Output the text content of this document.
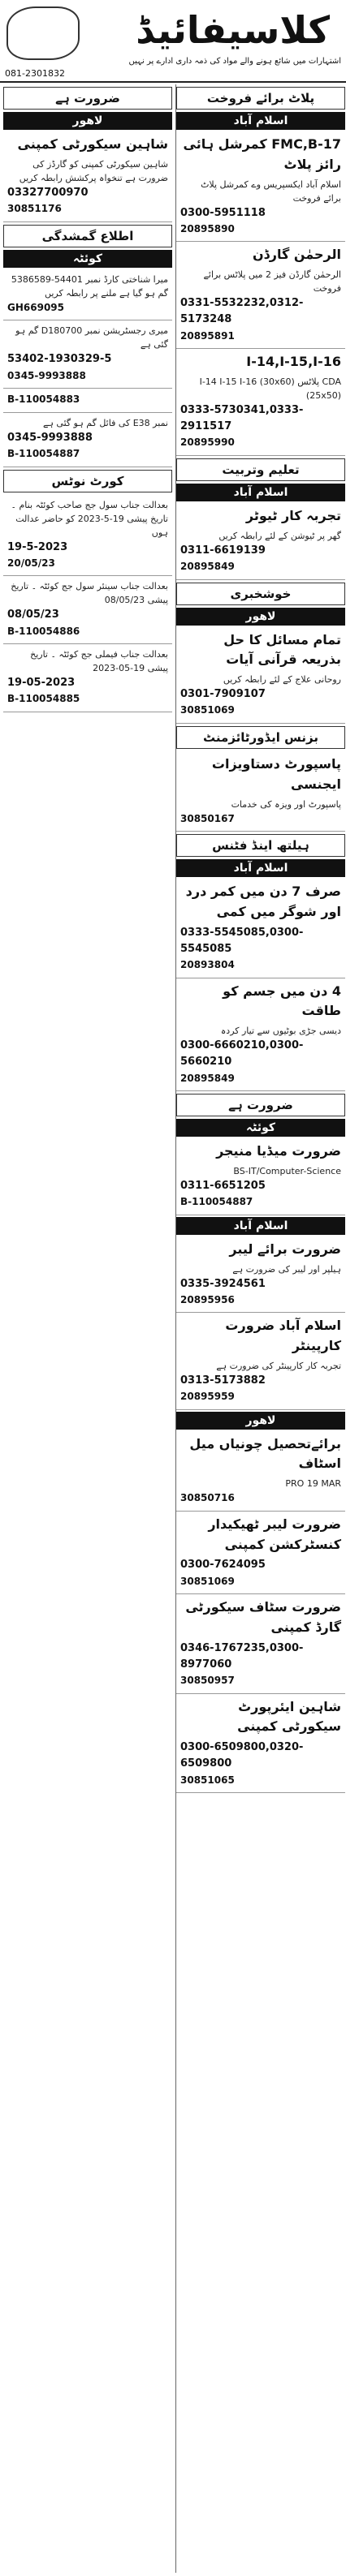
کلاسیفائیڈ
اشتہارات میں شائع ہونے والے مواد کی ذمہ داری ادارے پر نہیں
081-2301832
ضرورت ہے
لاھور
شاہین سیکورٹی کمپنی
شاہین سیکورٹی کمپنی کو گارڈز کی ضرورت ہے تنخواہ پرکشش رابطہ کریں
03327700970
30851176
اطلاع گمشدگی
کوئٹہ
میرا شناختی کارڈ نمبر 54401-5386589 گم ہو گیا ہے ملنے پر رابطہ کریں
GH669095
میری رجسٹریشن نمبر D180700 گم ہو گئی ہے
53402-1930329-5
0345-9993888
B-110054883
نمبر E38 کی فائل گم ہو گئی ہے
0345-9993888
B-110054887
کورٹ نوٹس
بعدالت جناب سول جج صاحب کوئٹہ بنام ۔ تاریخ پیشی 19-5-2023 کو حاضر عدالت ہوں
19-5-2023
20/05/23
بعدالت جناب سینئر سول جج کوئٹہ ۔ تاریخ پیشی 08/05/23
08/05/23
B-110054886
بعدالت جناب فیملی جج کوئٹہ ۔ تاریخ پیشی 19-05-2023
19-05-2023
B-110054885
پلاٹ برائے فروخت
اسلام آباد
FMC,B-17 کمرشل ہائی رائز پلاٹ
اسلام آباد ایکسپریس وے کمرشل پلاٹ برائے فروخت
0300-5951118
20895890
الرحمٰن گارڈن
الرحمٰن گارڈن فیز 2 میں پلاٹس برائے فروخت
0331-5532232,0312-5173248
20895891
I-14,I-15,I-16
CDA پلاٹس I-14 I-15 I-16 (30x60) (25x50)
0333-5730341,0333-2911517
20895990
تعلیم وتربیت
اسلام آباد
تجربہ کار ٹیوٹر
گھر پر ٹیوشن کے لئے رابطہ کریں
0311-6619139
20895849
خوشخبری
لاھور
تمام مسائل کا حل بذریعہ قرآنی آیات
روحانی علاج کے لئے رابطہ کریں
0301-7909107
30851069
بزنس ایڈورٹائزمنٹ
پاسپورٹ دستاویزات ایجنسی
پاسپورٹ اور ویزہ کی خدمات
30850167
ہیلتھ اینڈ فٹنس
اسلام آباد
صرف 7 دن میں کمر درد اور شوگر میں کمی
0333-5545085,0300-5545085
20893804
4 دن میں جسم کو طاقت
دیسی جڑی بوٹیوں سے تیار کردہ
0300-6660210,0300-5660210
20895849
ضرورت ہے
کوئٹہ
ضرورت میڈیا منیجر
BS-IT/Computer-Science
0311-6651205
B-110054887
اسلام آباد
ضرورت برائے لیبر
ہیلپر اور لیبر کی ضرورت ہے
0335-3924561
20895956
اسلام آباد ضرورت کارپینٹر
تجربہ کار کارپینٹر کی ضرورت ہے
0313-5173882
20895959
لاھور
برائےتحصیل چونیاں میل اسٹاف
PRO 19 MAR
30850716
ضرورت لیبر ٹھیکیدار کنسٹرکشن کمپنی
0300-7624095
30851069
ضرورت سٹاف سیکورٹی گارڈ کمپنی
0346-1767235,0300-8977060
30850957
شاہین ایئرپورٹ سیکورٹی کمپنی
0300-6509800,0320-6509800
30851065
